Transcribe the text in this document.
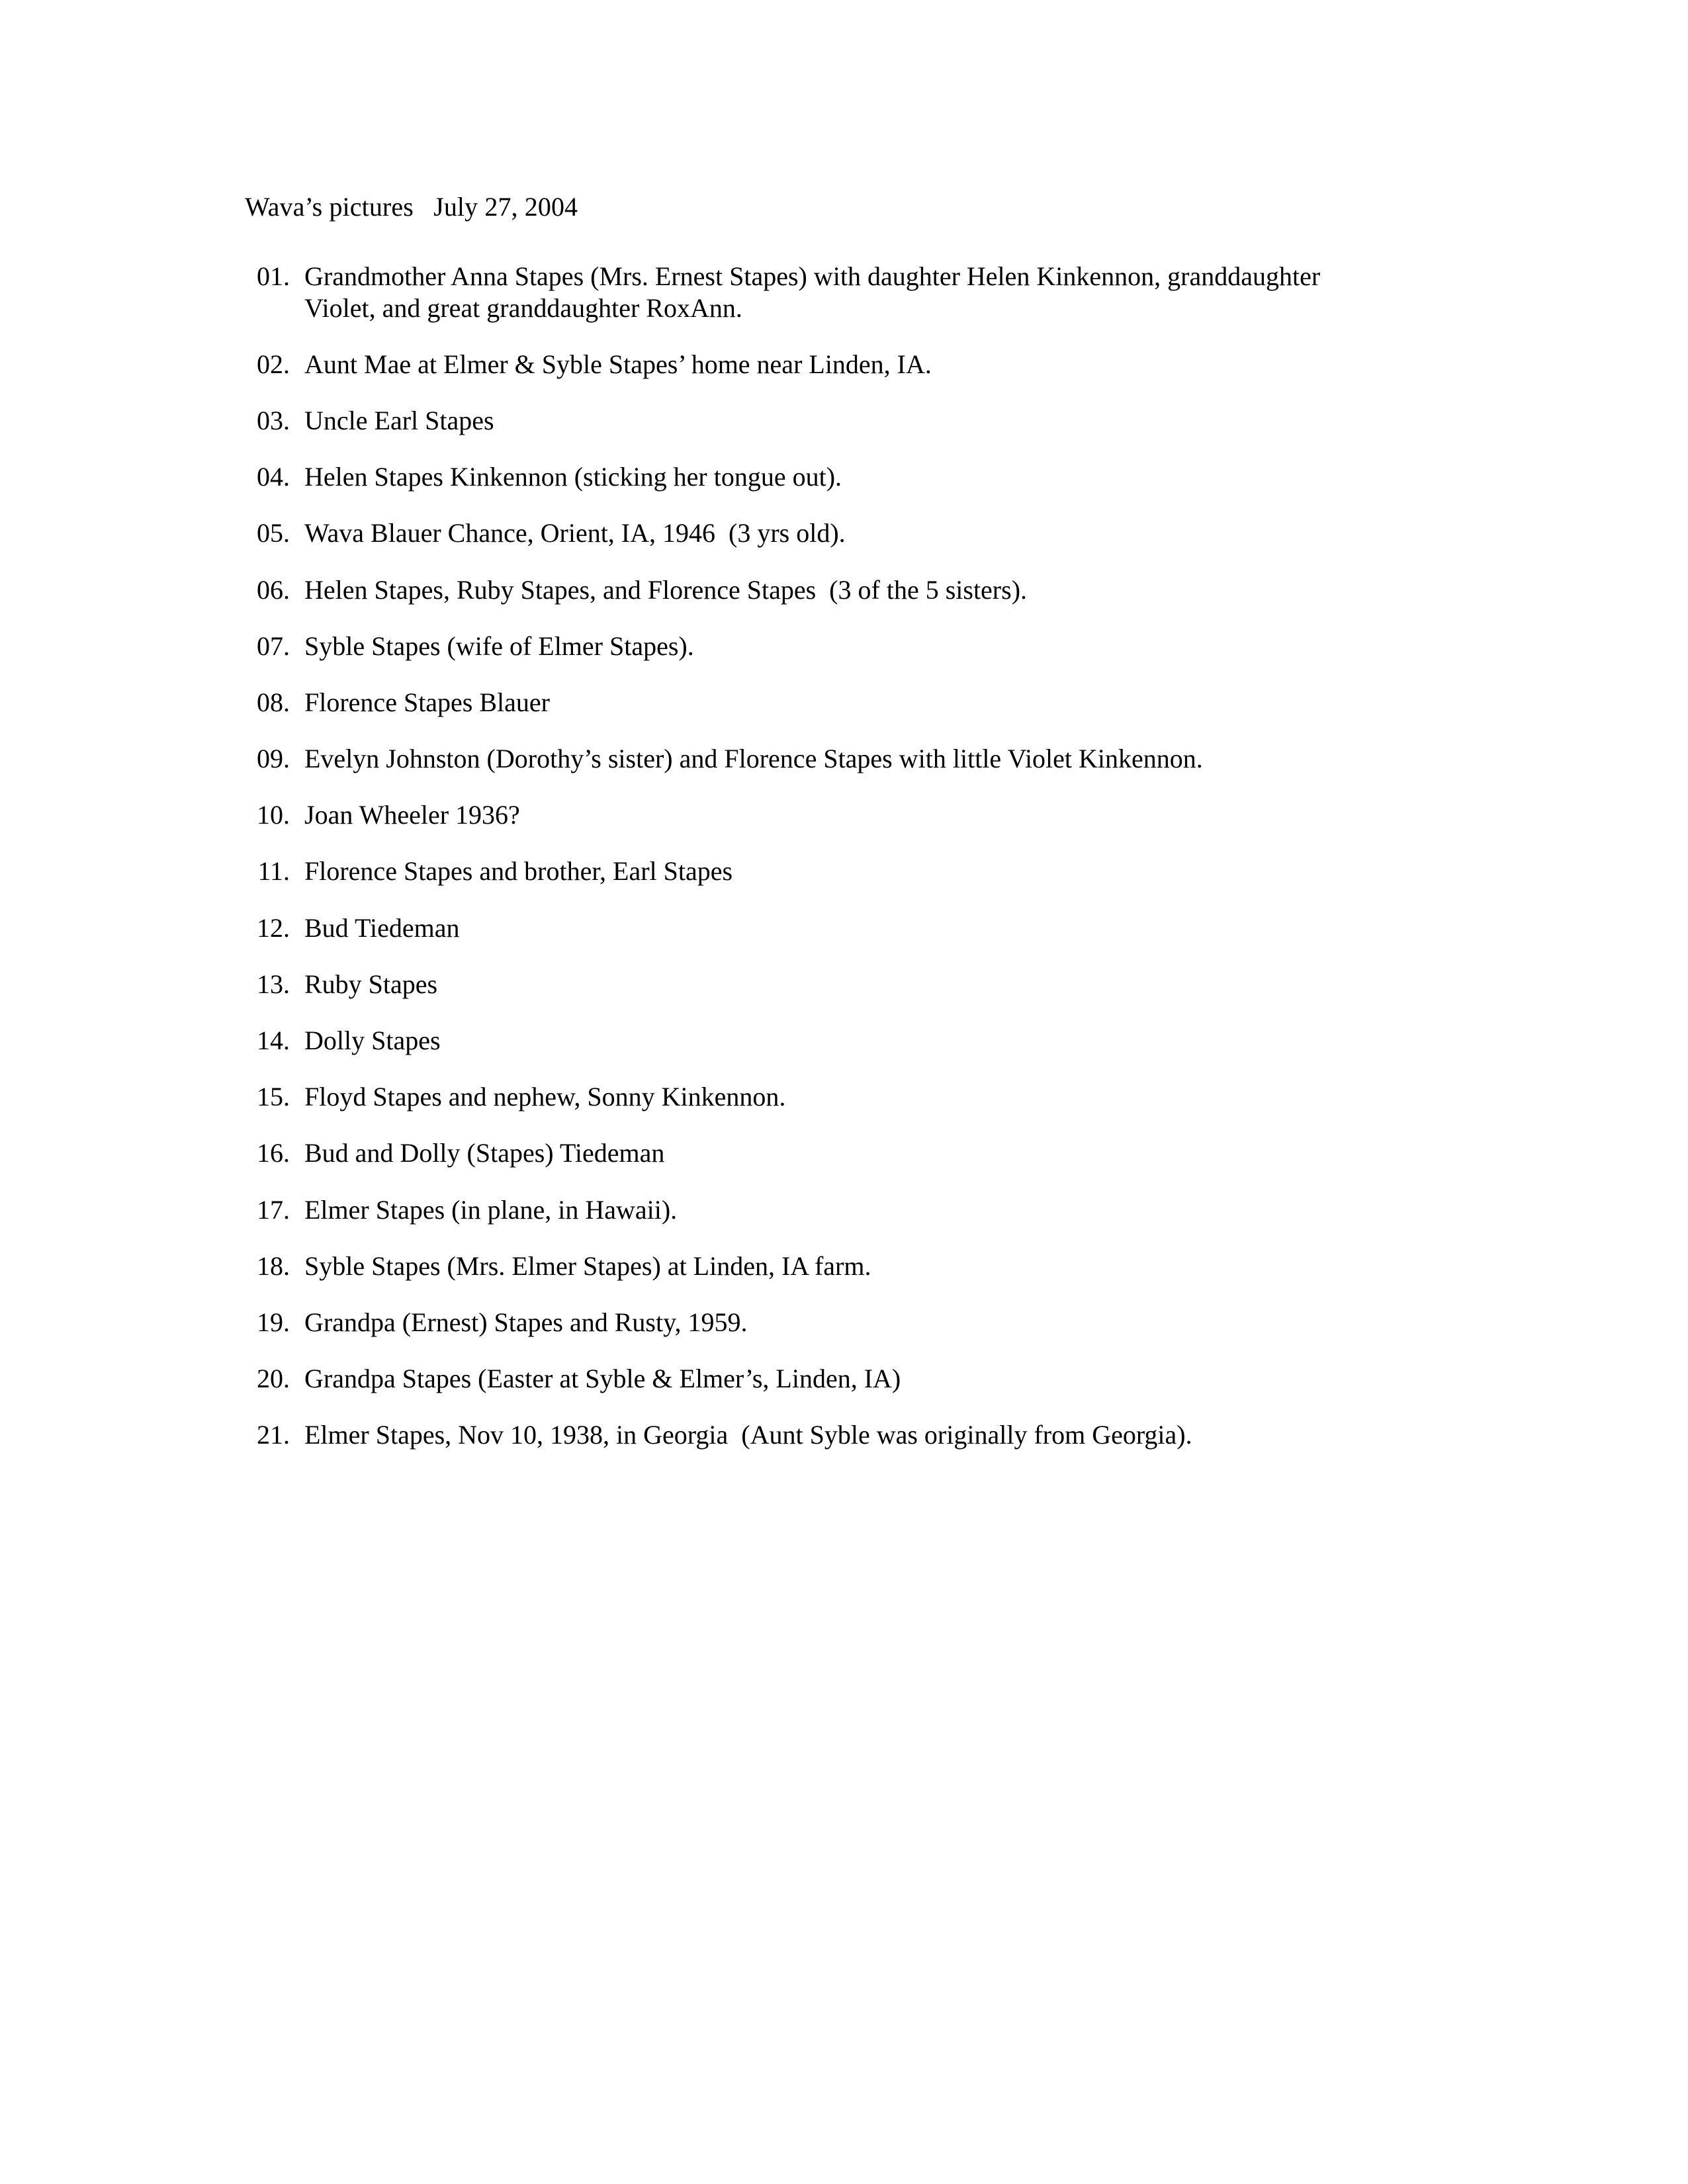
Wava’s pictures   July 27, 2004
01. Grandmother Anna Stapes (Mrs. Ernest Stapes) with daughter Helen Kinkennon, granddaughter Violet, and great granddaughter RoxAnn.
02. Aunt Mae at Elmer & Syble Stapes’ home near Linden, IA.
03. Uncle Earl Stapes
04. Helen Stapes Kinkennon (sticking her tongue out).
05. Wava Blauer Chance, Orient, IA, 1946  (3 yrs old).
06. Helen Stapes, Ruby Stapes, and Florence Stapes  (3 of the 5 sisters).
07. Syble Stapes (wife of Elmer Stapes).
08. Florence Stapes Blauer
09. Evelyn Johnston (Dorothy’s sister) and Florence Stapes with little Violet Kinkennon.
10. Joan Wheeler 1936?
11. Florence Stapes and brother, Earl Stapes
12. Bud Tiedeman
13. Ruby Stapes
14. Dolly Stapes
15. Floyd Stapes and nephew, Sonny Kinkennon.
16. Bud and Dolly (Stapes) Tiedeman
17. Elmer Stapes (in plane, in Hawaii).
18. Syble Stapes (Mrs. Elmer Stapes) at Linden, IA farm.
19. Grandpa (Ernest) Stapes and Rusty, 1959.
20. Grandpa Stapes (Easter at Syble & Elmer’s, Linden, IA)
21. Elmer Stapes, Nov 10, 1938, in Georgia  (Aunt Syble was originally from Georgia).
